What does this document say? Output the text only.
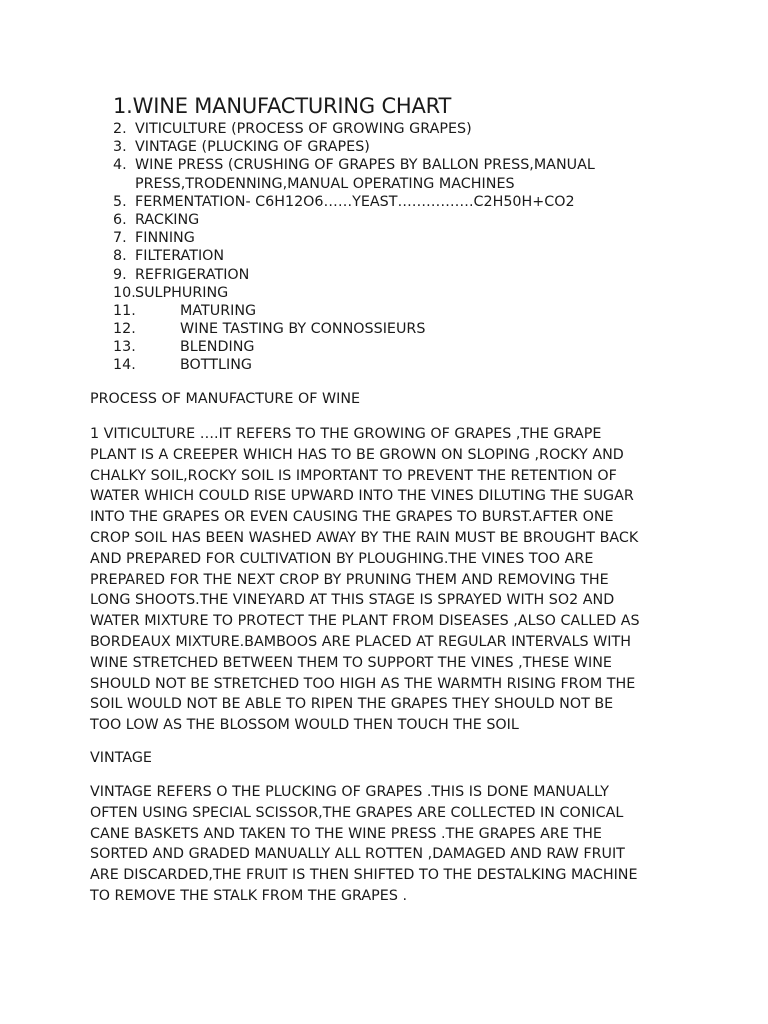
1.WINE MANUFACTURING CHART
2. VITICULTURE (PROCESS OF GROWING GRAPES)
3. VINTAGE (PLUCKING OF GRAPES)
4. WINE PRESS (CRUSHING OF GRAPES BY BALLON PRESS,MANUAL
PRESS,TRODENNING,MANUAL OPERATING MACHINES
5. FERMENTATION- C6H12O6……YEAST…………….C2H50H+CO2
6. RACKING
7. FINNING
8. FILTERATION
9. REFRIGERATION
10. SULPHURING
11.	MATURING
12.	WINE TASTING BY CONNOSSIEURS
13.	BLENDING
14.	BOTTLING
PROCESS OF MANUFACTURE OF WINE
1 VITICULTURE ….IT REFERS TO THE GROWING OF GRAPES ,THE GRAPE
PLANT IS A CREEPER WHICH HAS TO BE GROWN ON SLOPING ,ROCKY AND
CHALKY SOIL,ROCKY SOIL IS IMPORTANT TO PREVENT THE RETENTION OF
WATER WHICH COULD RISE UPWARD INTO THE VINES DILUTING THE SUGAR
INTO THE GRAPES OR EVEN CAUSING THE GRAPES TO BURST.AFTER ONE
CROP SOIL HAS BEEN WASHED AWAY BY THE RAIN MUST BE BROUGHT BACK
AND PREPARED FOR CULTIVATION BY PLOUGHING.THE VINES TOO ARE
PREPARED FOR THE NEXT CROP BY PRUNING THEM AND REMOVING THE
LONG SHOOTS.THE VINEYARD AT THIS STAGE IS SPRAYED WITH SO2 AND
WATER MIXTURE TO PROTECT THE PLANT FROM DISEASES ,ALSO CALLED AS
BORDEAUX MIXTURE.BAMBOOS ARE PLACED AT REGULAR INTERVALS WITH
WINE STRETCHED BETWEEN THEM TO SUPPORT THE VINES ,THESE WINE
SHOULD NOT BE STRETCHED TOO HIGH AS THE WARMTH RISING FROM THE
SOIL WOULD NOT BE ABLE TO RIPEN THE GRAPES THEY SHOULD NOT BE
TOO LOW AS THE BLOSSOM WOULD THEN TOUCH THE SOIL
VINTAGE
VINTAGE REFERS O THE PLUCKING OF GRAPES .THIS IS DONE MANUALLY
OFTEN USING SPECIAL SCISSOR,THE GRAPES ARE COLLECTED IN CONICAL
CANE BASKETS AND TAKEN TO THE WINE PRESS .THE GRAPES ARE THE
SORTED AND GRADED MANUALLY ALL ROTTEN ,DAMAGED AND RAW FRUIT
ARE DISCARDED,THE FRUIT IS THEN SHIFTED TO THE DESTALKING MACHINE
TO REMOVE THE STALK FROM THE GRAPES .
